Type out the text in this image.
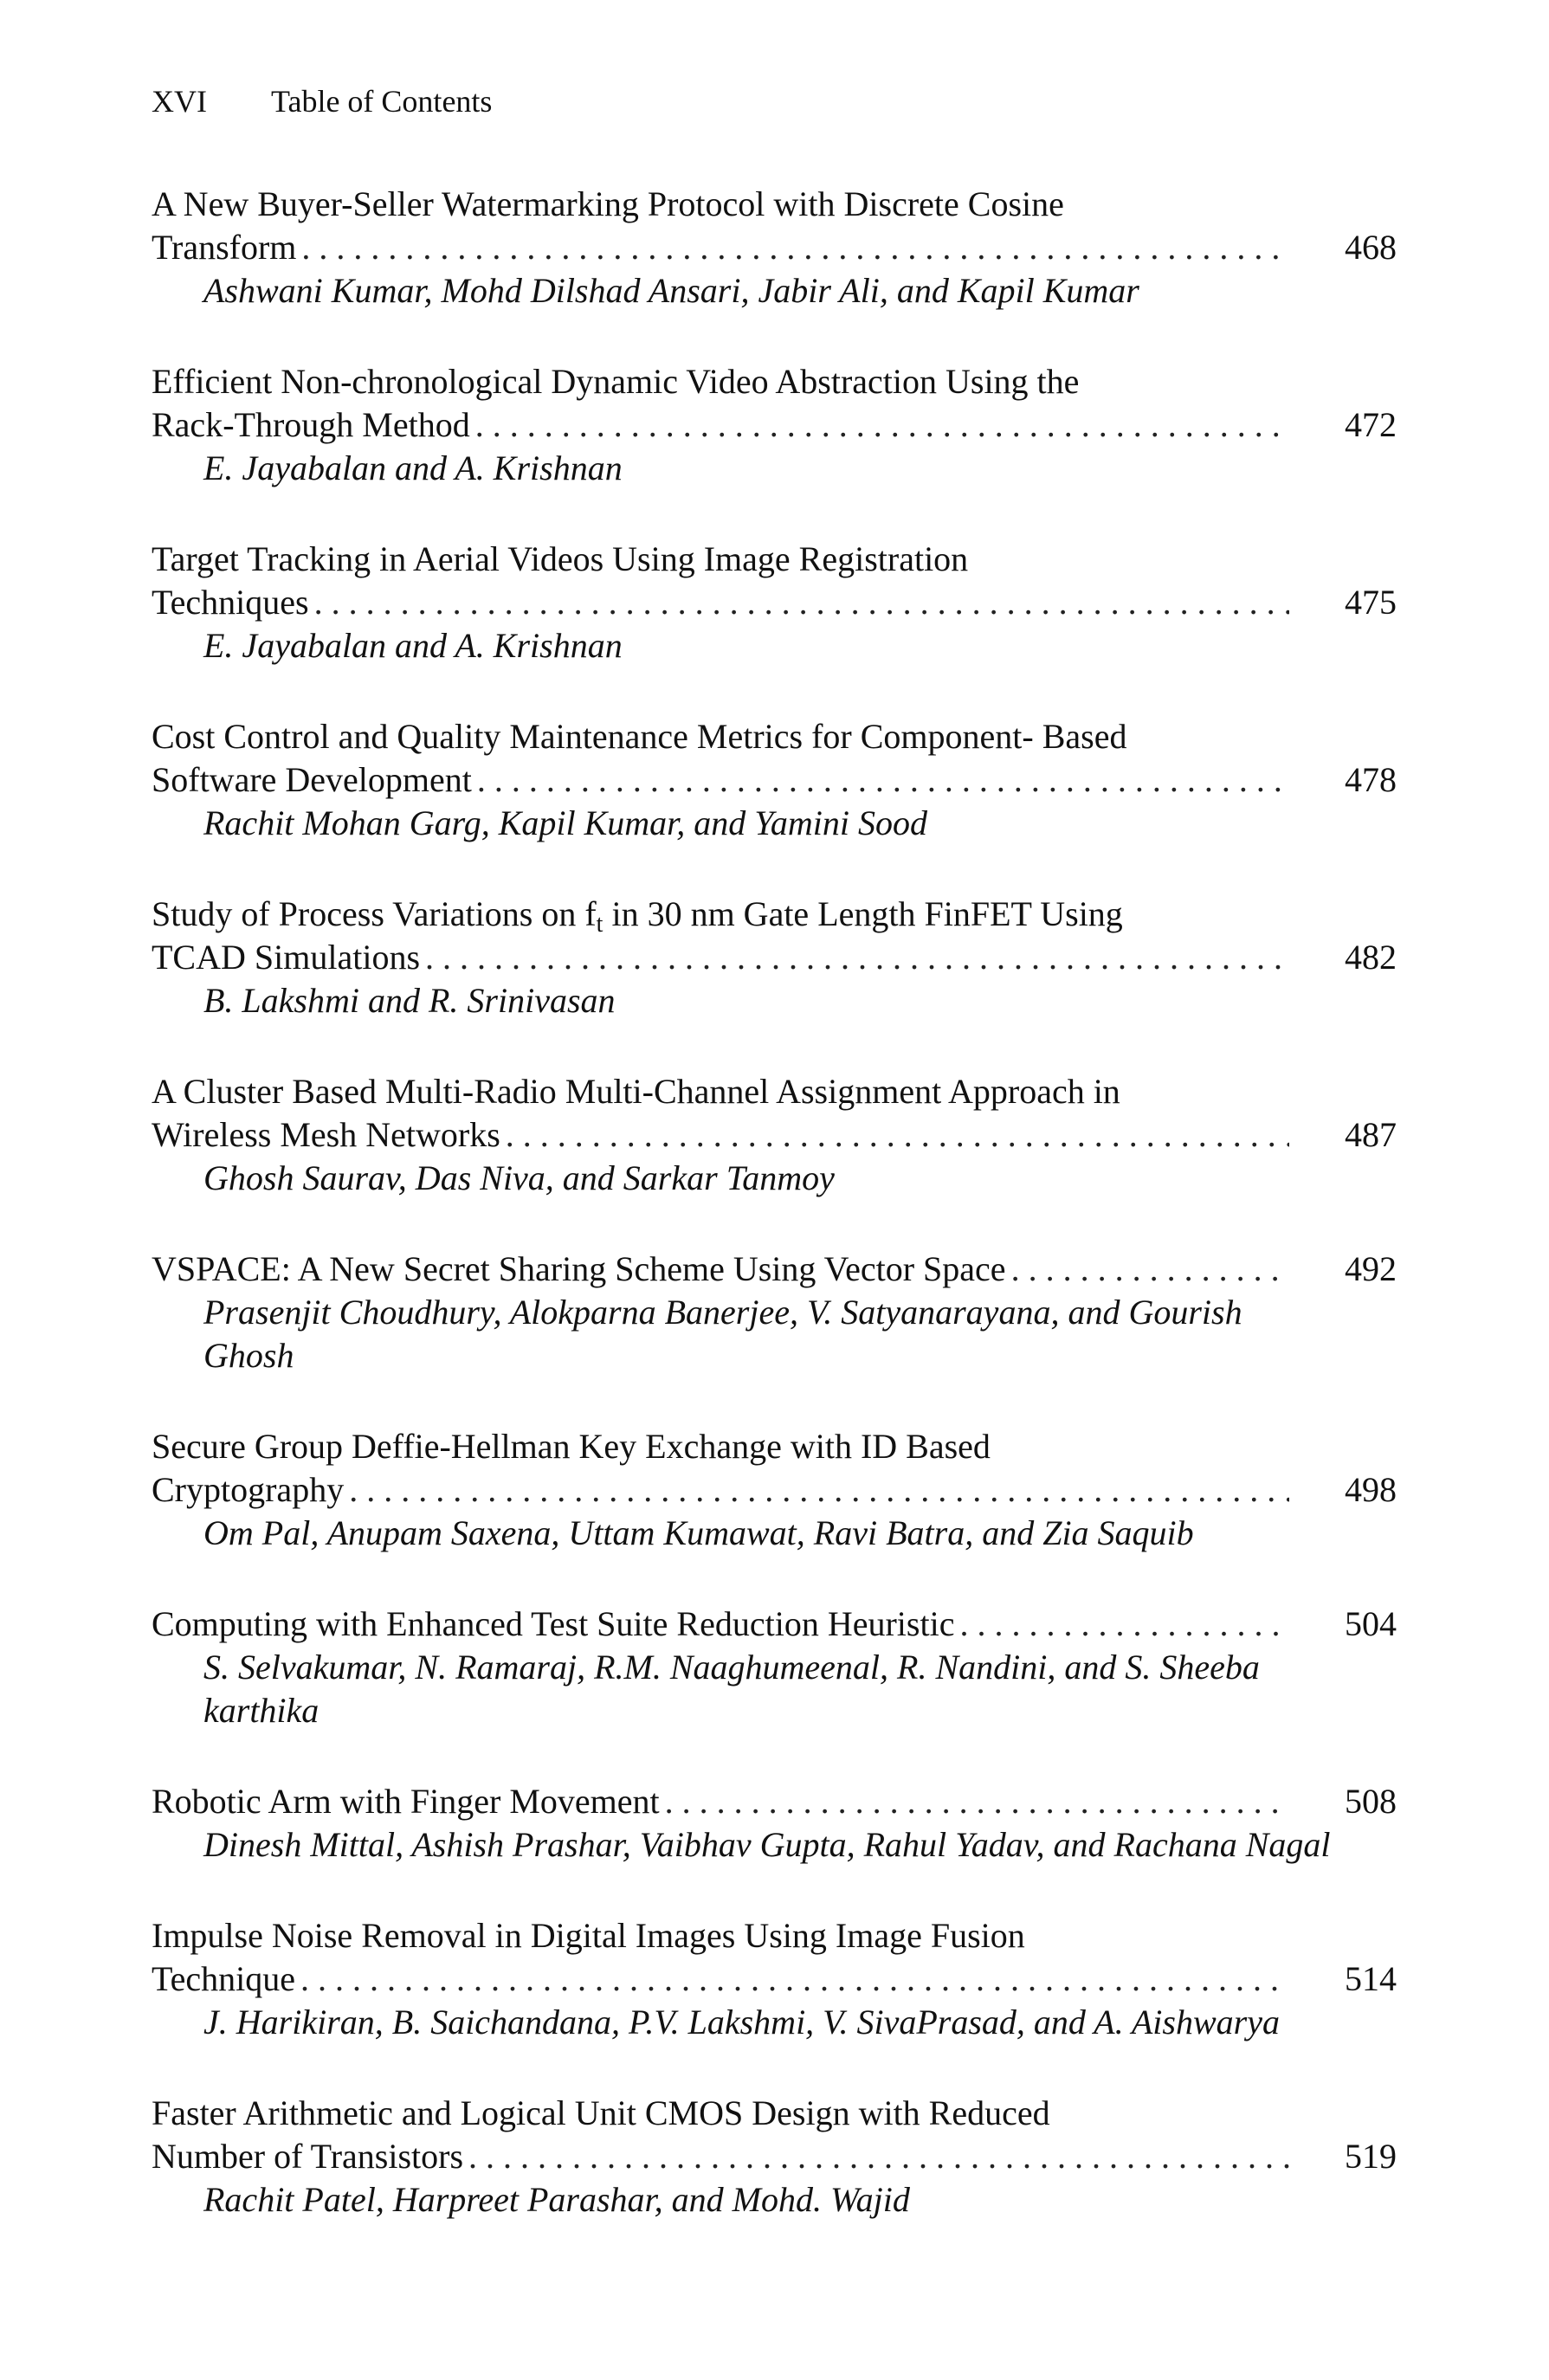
XVI	Table of Contents
A New Buyer-Seller Watermarking Protocol with Discrete Cosine
Transform . . .	468
Ashwani Kumar, Mohd Dilshad Ansari, Jabir Ali, and Kapil Kumar
Efficient Non-chronological Dynamic Video Abstraction Using the
Rack-Through Method . . .	472
E. Jayabalan and A. Krishnan
Target Tracking in Aerial Videos Using Image Registration
Techniques . . .	475
E. Jayabalan and A. Krishnan
Cost Control and Quality Maintenance Metrics for Component- Based
Software Development . . .	478
Rachit Mohan Garg, Kapil Kumar, and Yamini Sood
Study of Process Variations on $f_t$ in 30 nm Gate Length FinFET Using
TCAD Simulations . . .	482
B. Lakshmi and R. Srinivasan
A Cluster Based Multi-Radio Multi-Channel Assignment Approach in
Wireless Mesh Networks . . .	487
Ghosh Saurav, Das Niva, and Sarkar Tanmoy
VSPACE: A New Secret Sharing Scheme Using Vector Space . . .	492
Prasenjit Choudhury, Alokparna Banerjee, V. Satyanarayana, and Gourish Ghosh
Secure Group Deffie-Hellman Key Exchange with ID Based
Cryptography . . .	498
Om Pal, Anupam Saxena, Uttam Kumawat, Ravi Batra, and Zia Saquib
Computing with Enhanced Test Suite Reduction Heuristic . . .	504
S. Selvakumar, N. Ramaraj, R.M. Naaghumeenal, R. Nandini, and S. Sheeba karthika
Robotic Arm with Finger Movement . . .	508
Dinesh Mittal, Ashish Prashar, Vaibhav Gupta, Rahul Yadav, and Rachana Nagal
Impulse Noise Removal in Digital Images Using Image Fusion
Technique . . .	514
J. Harikiran, B. Saichandana, P.V. Lakshmi, V. SivaPrasad, and A. Aishwarya
Faster Arithmetic and Logical Unit CMOS Design with Reduced
Number of Transistors . . .	519
Rachit Patel, Harpreet Parashar, and Mohd. Wajid
